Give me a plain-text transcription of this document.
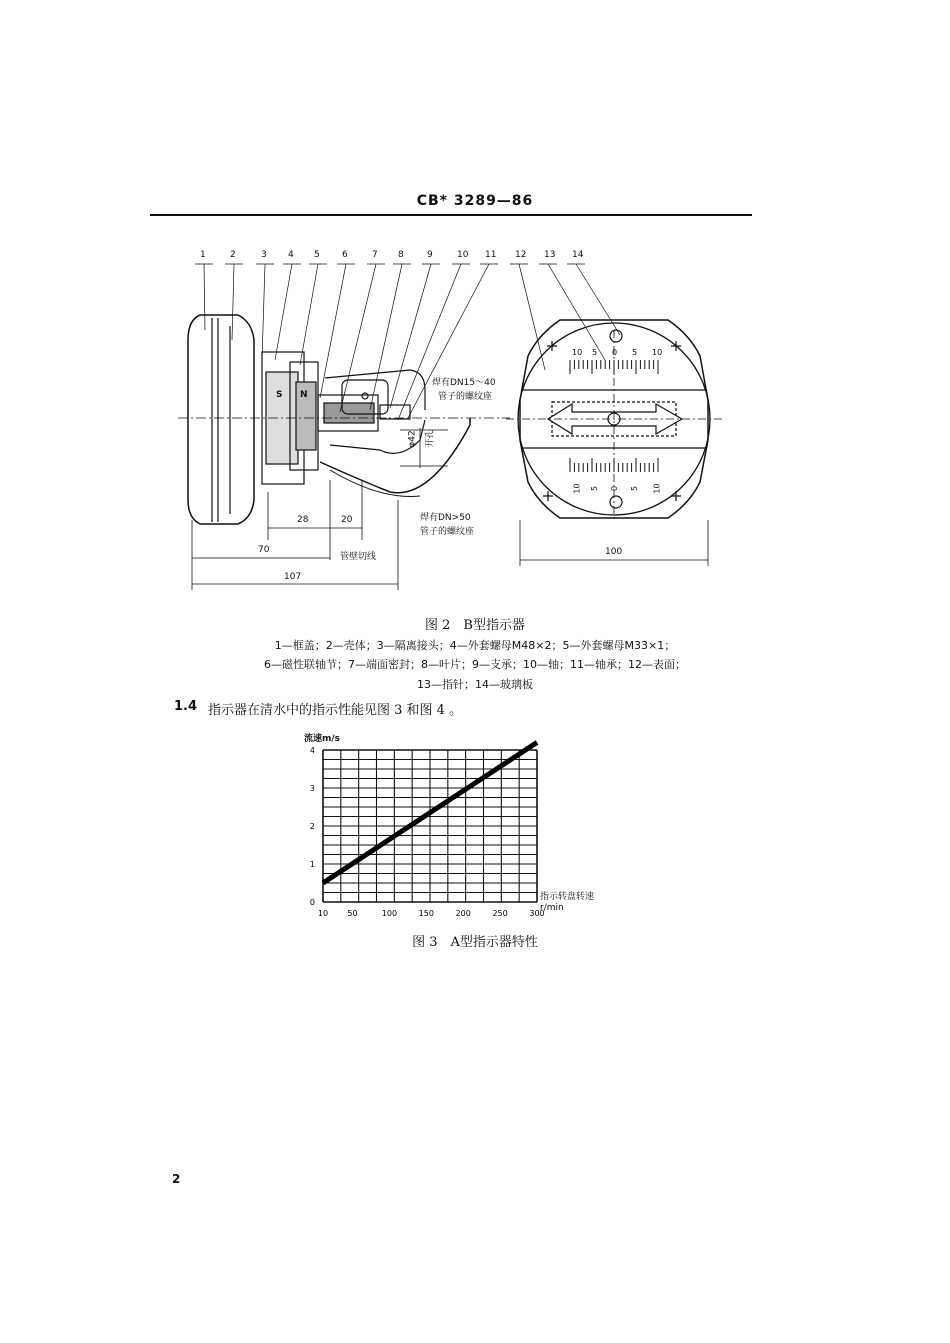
CB* 3289—86
1	2	3 4 5 6	7 8	9	10 11 12 13 14
焊有DN15～40
管子的螺纹座
焊有DN>50
管子的螺纹座
φ42 开孔
管壁切线
S N
28	20
70
107
100
10 5 0 5 10
10 5 0 5 10
图 2　B型指示器
1—框盖；2—壳体；3—隔离接头；4—外套螺母M48×2；5—外套螺母M33×1；
6—磁性联轴节；7—端面密封；8—叶片；9—支承；10—轴；11—轴承；12—表面；
13—指针；14—玻璃板
1.4 指示器在清水中的指示性能见图 3 和图 4 。
10 50	100	150	200	250	300
0
1
2
3
4
流速m/s
指示转盘转速 r/min
图 3　A型指示器特性
2
